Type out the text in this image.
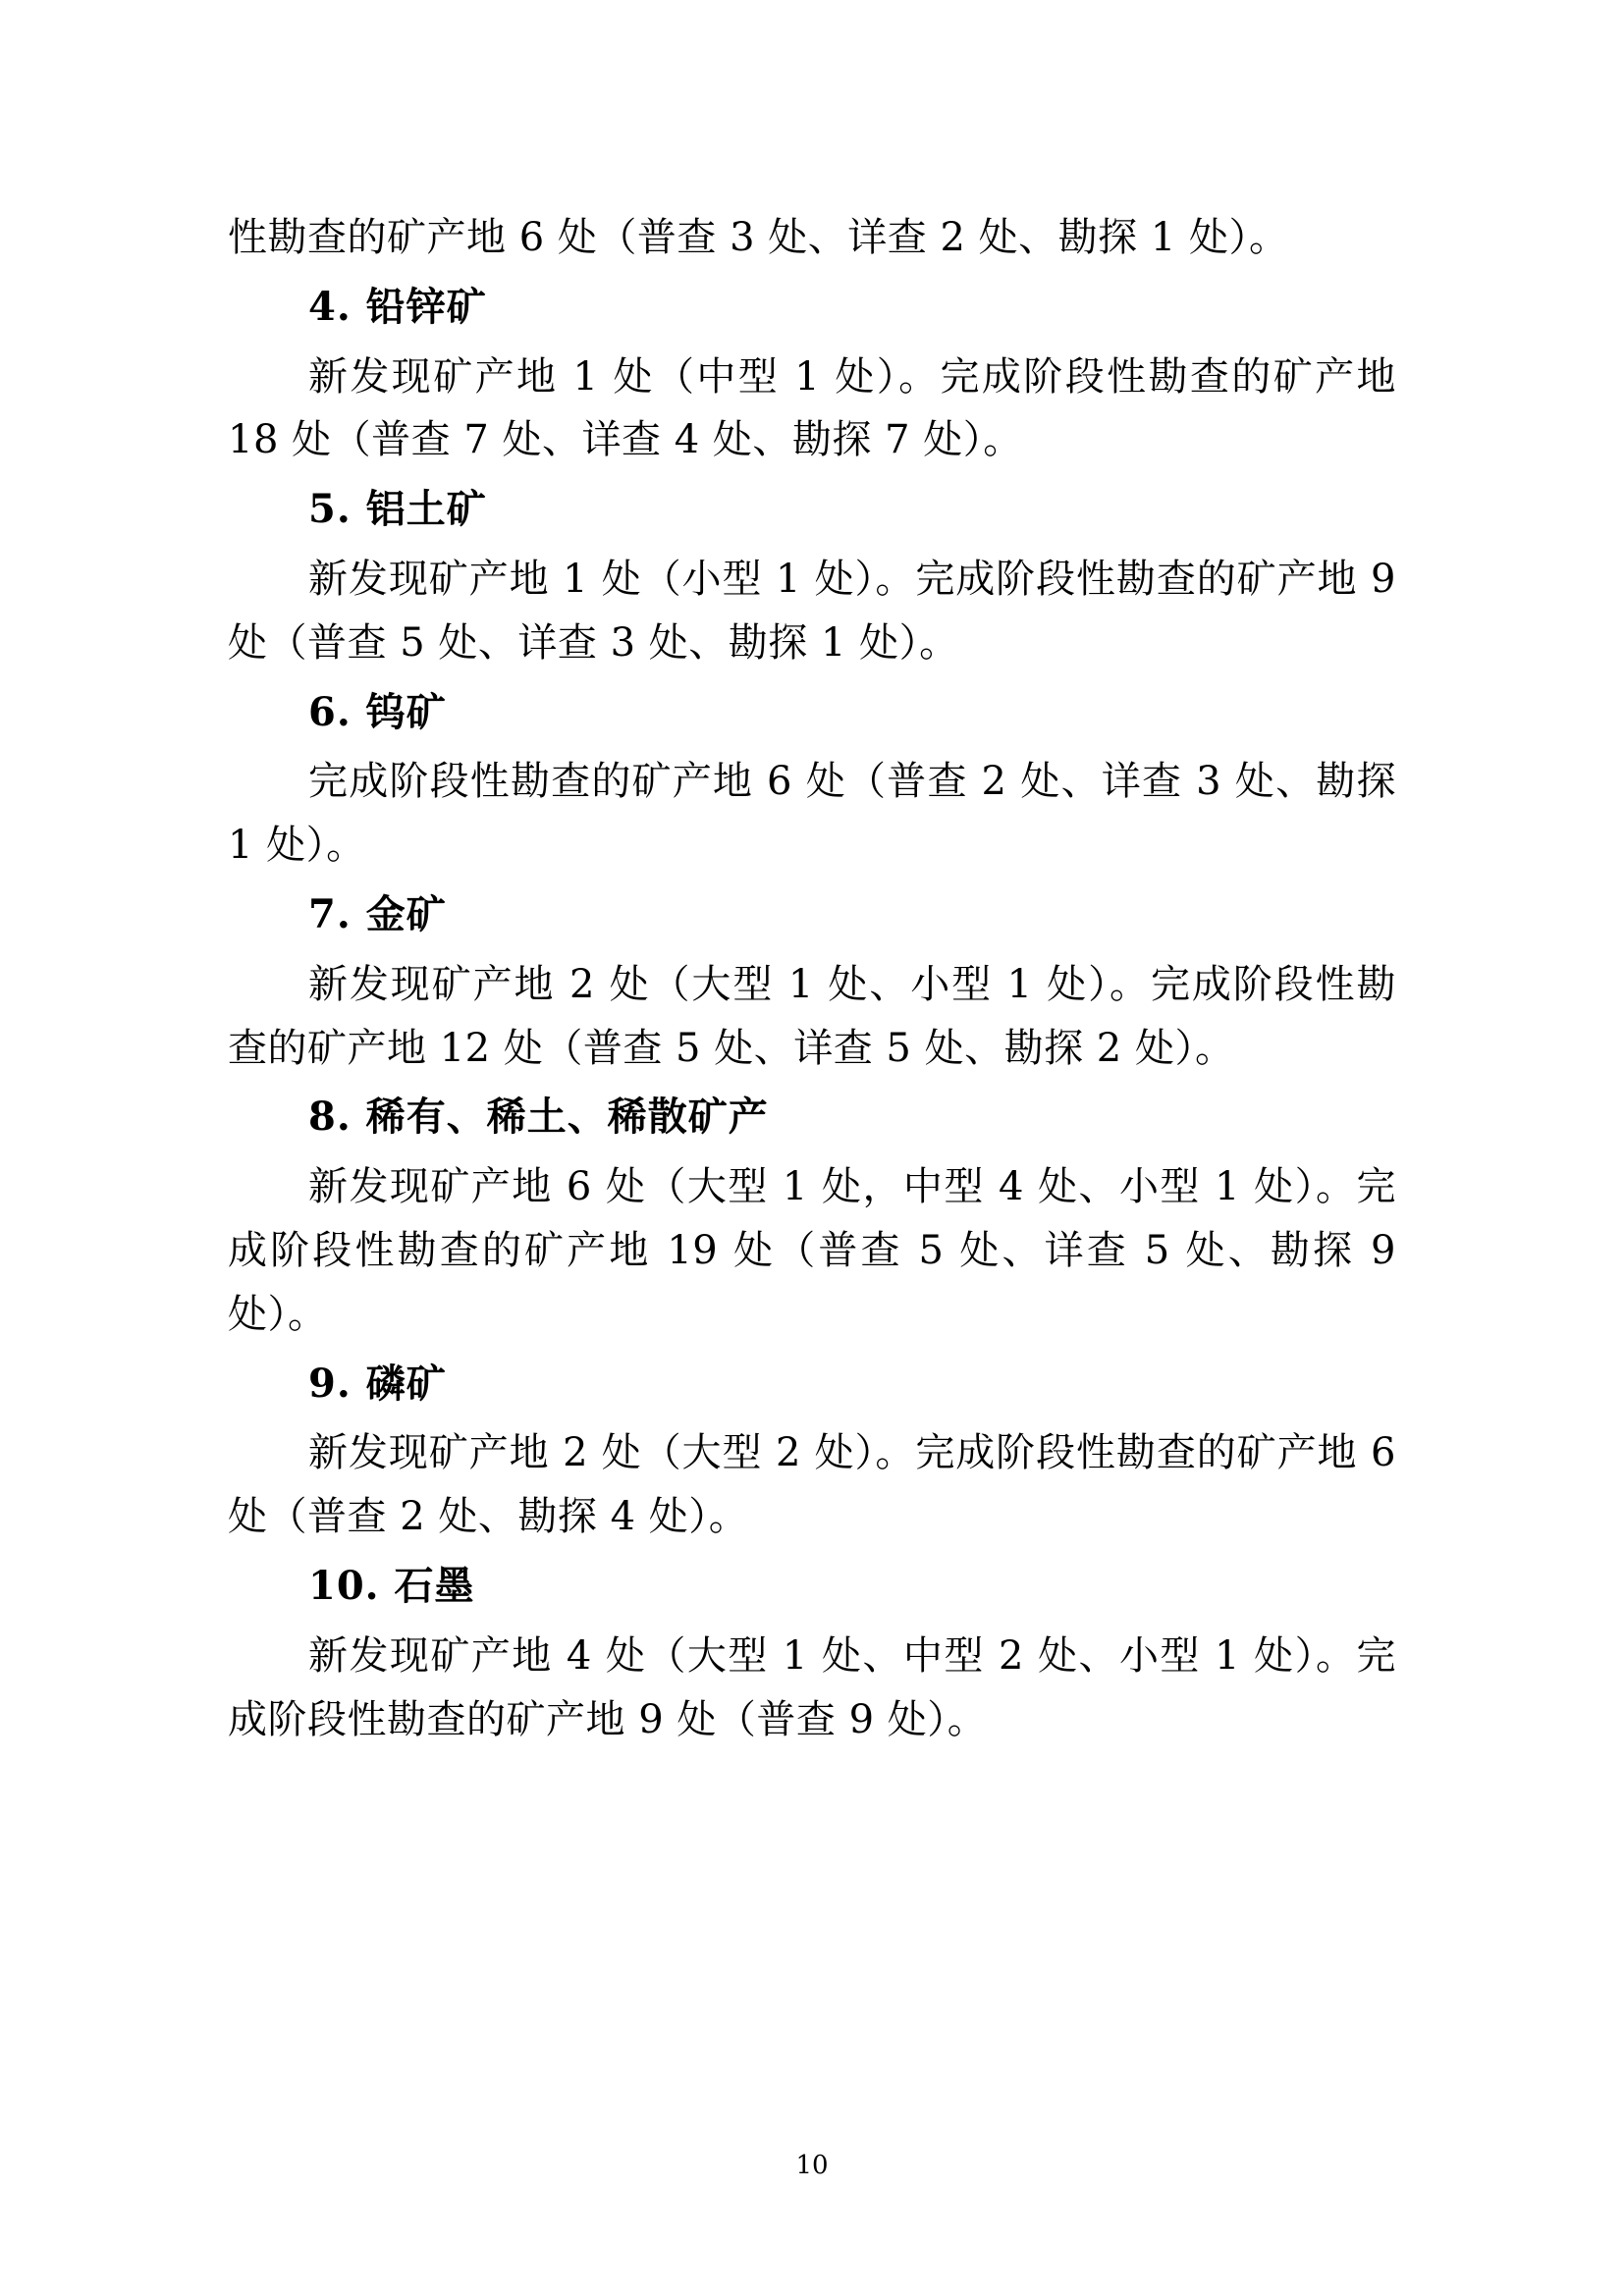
性勘查的矿产地 6 处（普查 3 处、详查 2 处、勘探 1 处）。

4. 铅锌矿

新发现矿产地 1 处（中型 1 处）。完成阶段性勘查的矿产地 18 处（普查 7 处、详查 4 处、勘探 7 处）。

5. 铝土矿

新发现矿产地 1 处（小型 1 处）。完成阶段性勘查的矿产地 9 处（普查 5 处、详查 3 处、勘探 1 处）。

6. 钨矿

完成阶段性勘查的矿产地 6 处（普查 2 处、详查 3 处、勘探 1 处）。

7. 金矿

新发现矿产地 2 处（大型 1 处、小型 1 处）。完成阶段性勘查的矿产地 12 处（普查 5 处、详查 5 处、勘探 2 处）。

8. 稀有、稀土、稀散矿产

新发现矿产地 6 处（大型 1 处，中型 4 处、小型 1 处）。完成阶段性勘查的矿产地 19 处（普查 5 处、详查 5 处、勘探 9 处）。

9. 磷矿

新发现矿产地 2 处（大型 2 处）。完成阶段性勘查的矿产地 6 处（普查 2 处、勘探 4 处）。

10. 石墨

新发现矿产地 4 处（大型 1 处、中型 2 处、小型 1 处）。完成阶段性勘查的矿产地 9 处（普查 9 处）。

10
